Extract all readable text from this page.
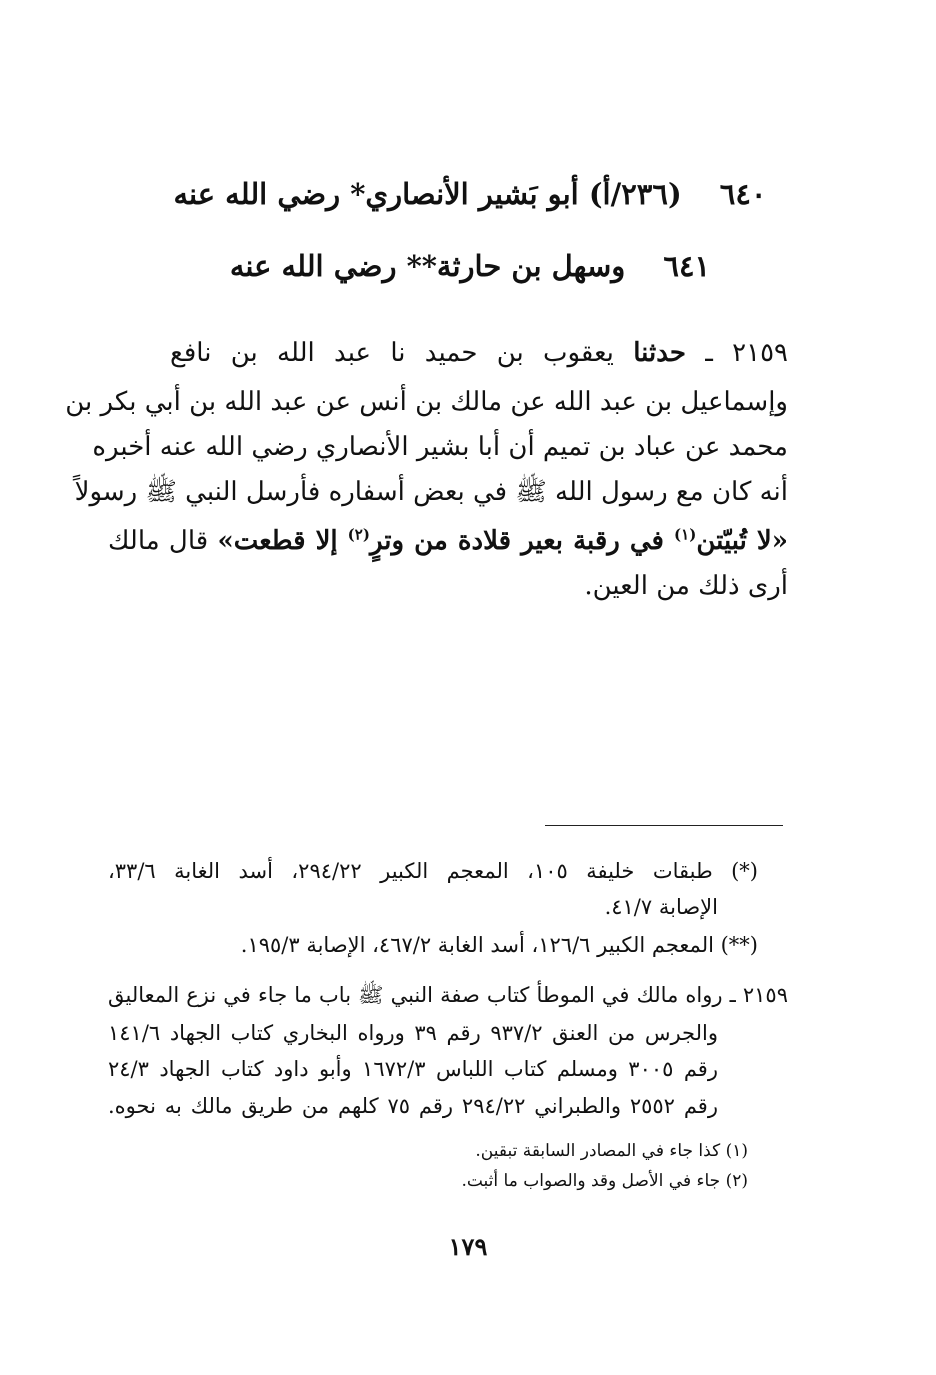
٦٤٠ (٢٣٦/أ) أبو بَشير الأنصاري* رضي الله عنه
٦٤١ وسهل بن حارثة** رضي الله عنه
٢١٥٩ ـ حدثنا يعقوب بن حميد نا عبد الله بن نافع
وإسماعيل بن عبد الله عن مالك بن أنس عن عبد الله بن أبي بكر بن
محمد عن عباد بن تميم أن أبا بشير الأنصاري رضي الله عنه أخبره
أنه كان مع رسول الله ﷺ في بعض أسفاره فأرسل النبي ﷺ رسولاً
«لا تُبيّتن$^{(١)}$ في رقبة بعير قلادة من وترٍ$^{(٢)}$ إلا قطعت» قال مالك
أرى ذلك من العين.
(*) طبقات خليفة ١٠٥، المعجم الكبير ٢٩٤/٢٢، أسد الغابة ٣٣/٦،
الإصابة ٤١/٧.
(**) المعجم الكبير ١٢٦/٦، أسد الغابة ٤٦٧/٢، الإصابة ١٩٥/٣.
٢١٥٩ ـ رواه مالك في الموطأ كتاب صفة النبي ﷺ باب ما جاء في نزع المعاليق
والجرس من العنق ٩٣٧/٢ رقم ٣٩ ورواه البخاري كتاب الجهاد ١٤١/٦
رقم ٣٠٠٥ ومسلم كتاب اللباس ١٦٧٢/٣ وأبو داود كتاب الجهاد ٢٤/٣
رقم ٢٥٥٢ والطبراني ٢٩٤/٢٢ رقم ٧٥ كلهم من طريق مالك به نحوه.
(١) كذا جاء في المصادر السابقة تبقين.
(٢) جاء في الأصل وقد والصواب ما أثبت.
١٧٩
